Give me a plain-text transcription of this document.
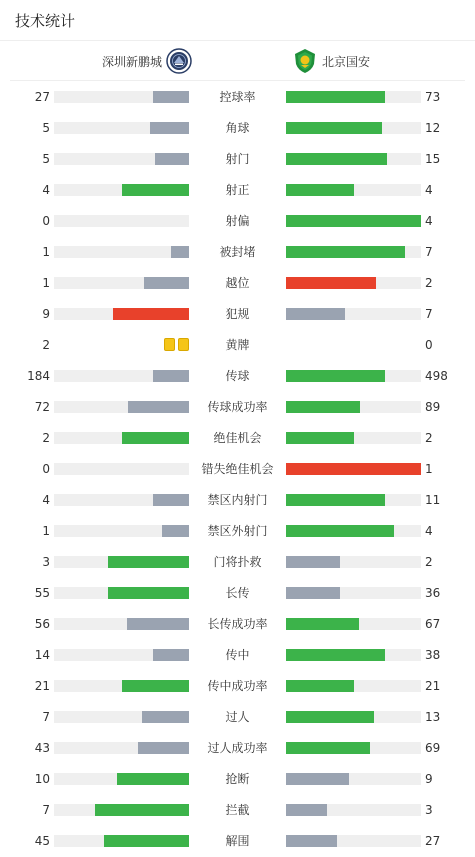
技术统计
深圳新鹏城	北京国安
27	控球率	73
5	角球	12
5	射门	15
4	射正	4
0	射偏	4
1	被封堵	7
1	越位	2
9	犯规	7
2	黄牌	0
184	传球	498
72	传球成功率	89
2	绝佳机会	2
0	错失绝佳机会	1
4	禁区内射门	11
1	禁区外射门	4
3	门将扑救	2
55	长传	36
56	长传成功率	67
14	传中	38
21	传中成功率	21
7	过人	13
43	过人成功率	69
10	抢断	9
7	拦截	3
45	解围	27
